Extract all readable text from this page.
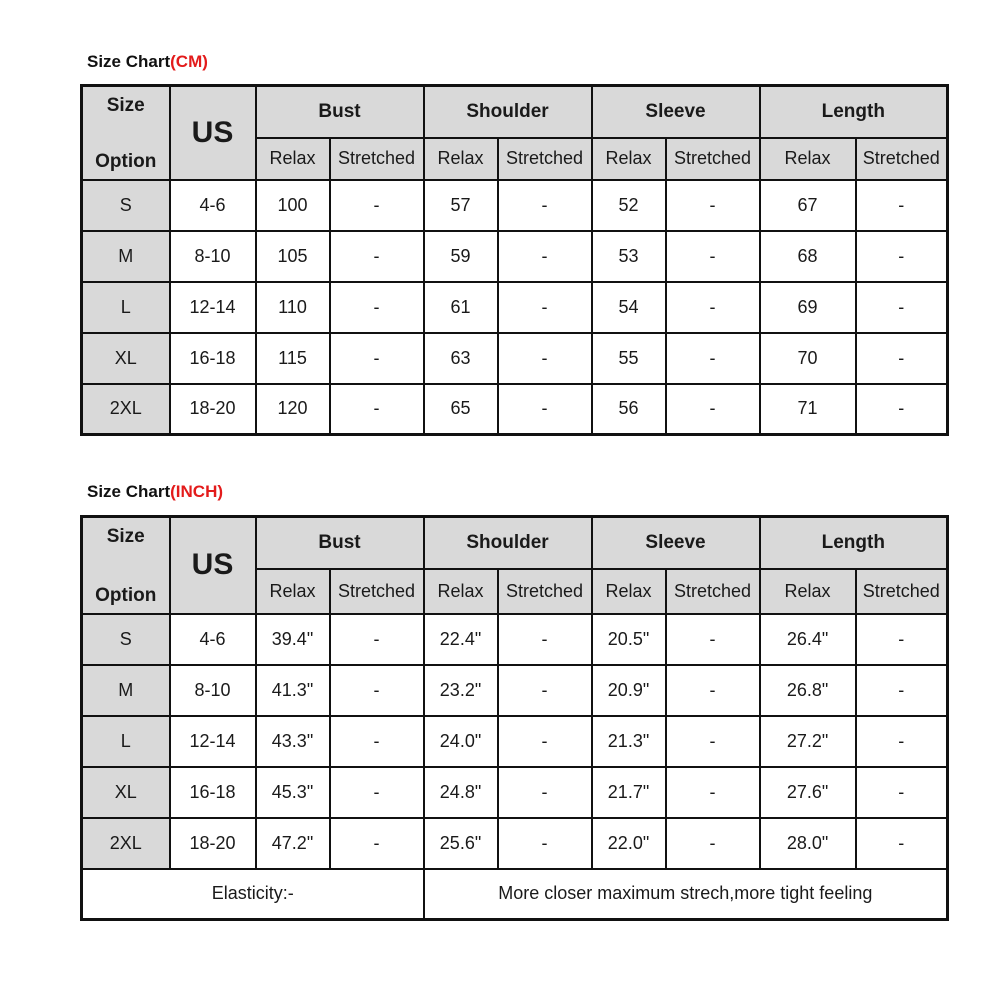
Size Chart(CM)
Size
Option	US	Bust		Shoulder		Sleeve		Length	
		Relax	Stretched	Relax	Stretched	Relax	Stretched	Relax	Stretched
S	4-6	100	-	57	-	52	-	67	-
M	8-10	105	-	59	-	53	-	68	-
L	12-14	110	-	61	-	54	-	69	-
XL	16-18	115	-	63	-	55	-	70	-
2XL	18-20	120	-	65	-	56	-	71	-
Size Chart(INCH)
Size
Option	US	Bust		Shoulder		Sleeve		Length	
		Relax	Stretched	Relax	Stretched	Relax	Stretched	Relax	Stretched
S	4-6	39.4"	-	22.4"	-	20.5"	-	26.4"	-
M	8-10	41.3"	-	23.2"	-	20.9"	-	26.8"	-
L	12-14	43.3"	-	24.0"	-	21.3"	-	27.2"	-
XL	16-18	45.3"	-	24.8"	-	21.7"	-	27.6"	-
2XL	18-20	47.2"	-	25.6"	-	22.0"	-	28.0"	-
Elasticity:-				More closer maximum strech,more tight feeling					
